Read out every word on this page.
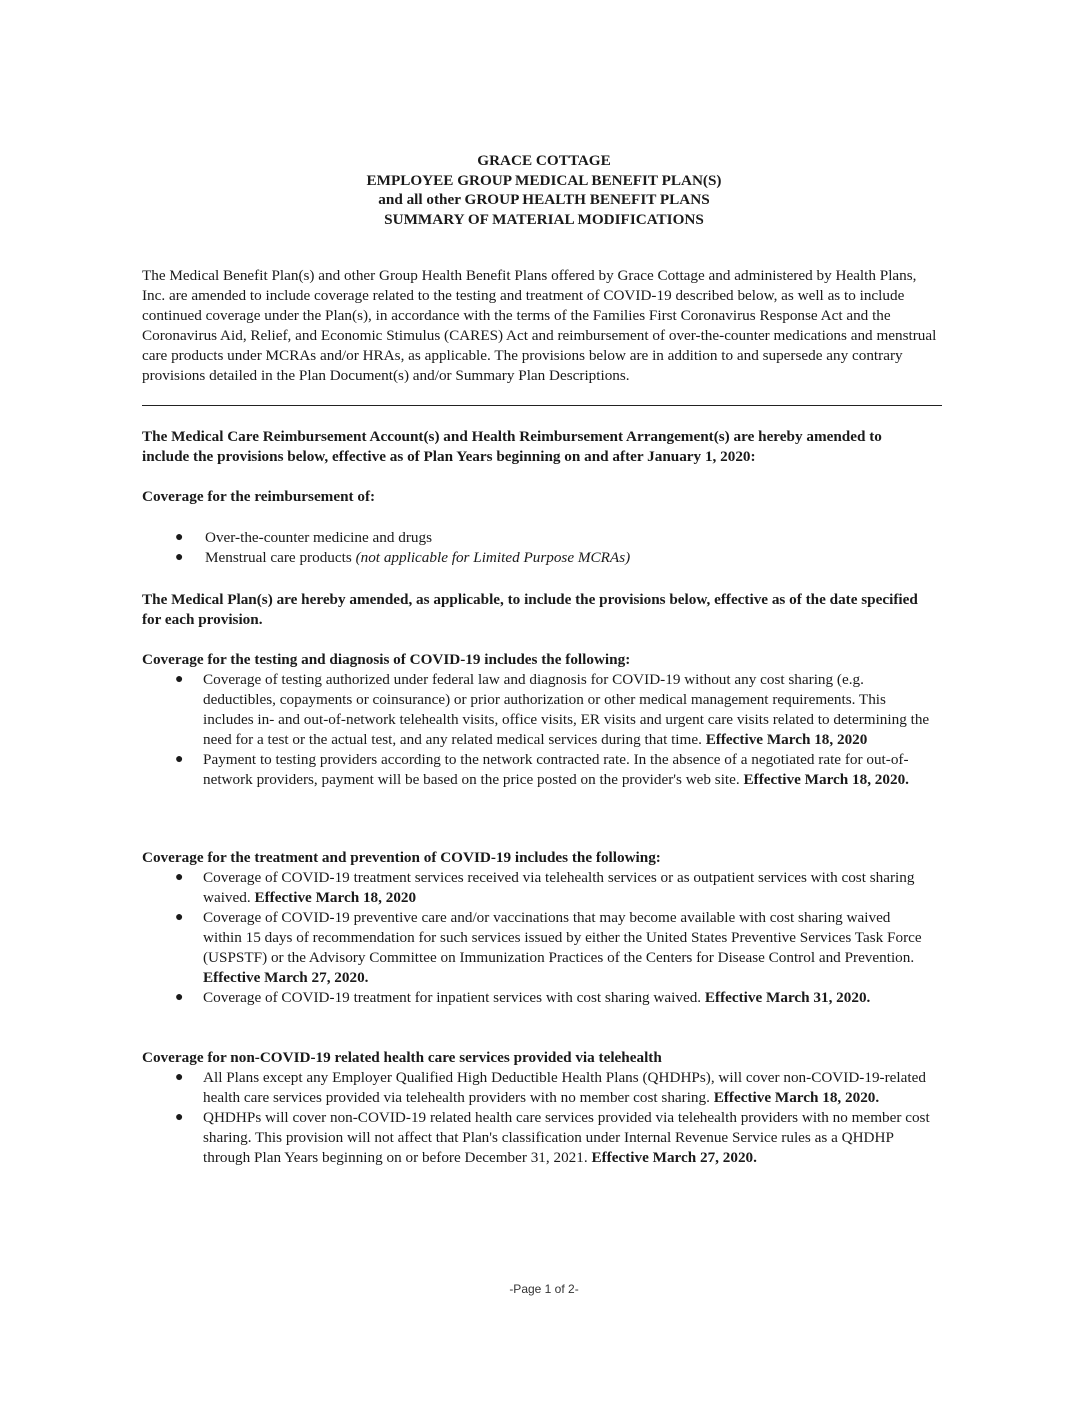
GRACE COTTAGE
EMPLOYEE GROUP MEDICAL BENEFIT PLAN(S)
and all other GROUP HEALTH BENEFIT PLANS
SUMMARY OF MATERIAL MODIFICATIONS

The Medical Benefit Plan(s) and other Group Health Benefit Plans offered by Grace Cottage and administered by Health Plans, Inc. are amended to include coverage related to the testing and treatment of COVID-19 described below, as well as to include continued coverage under the Plan(s), in accordance with the terms of the Families First Coronavirus Response Act and the Coronavirus Aid, Relief, and Economic Stimulus (CARES) Act and reimbursement of over-the-counter medications and menstrual care products under MCRAs and/or HRAs, as applicable. The provisions below are in addition to and supersede any contrary provisions detailed in the Plan Document(s) and/or Summary Plan Descriptions.

The Medical Care Reimbursement Account(s) and Health Reimbursement Arrangement(s) are hereby amended to include the provisions below, effective as of Plan Years beginning on and after January 1, 2020:

Coverage for the reimbursement of:

● Over-the-counter medicine and drugs
● Menstrual care products (not applicable for Limited Purpose MCRAs)

The Medical Plan(s) are hereby amended, as applicable, to include the provisions below, effective as of the date specified for each provision.

Coverage for the testing and diagnosis of COVID-19 includes the following:

● Coverage of testing authorized under federal law and diagnosis for COVID-19 without any cost sharing (e.g. deductibles, copayments or coinsurance) or prior authorization or other medical management requirements. This includes in- and out-of-network telehealth visits, office visits, ER visits and urgent care visits related to determining the need for a test or the actual test, and any related medical services during that time. Effective March 18, 2020
● Payment to testing providers according to the network contracted rate. In the absence of a negotiated rate for out-of-network providers, payment will be based on the price posted on the provider's web site. Effective March 18, 2020.

Coverage for the treatment and prevention of COVID-19 includes the following:

● Coverage of COVID-19 treatment services received via telehealth services or as outpatient services with cost sharing waived. Effective March 18, 2020
● Coverage of COVID-19 preventive care and/or vaccinations that may become available with cost sharing waived within 15 days of recommendation for such services issued by either the United States Preventive Services Task Force (USPSTF) or the Advisory Committee on Immunization Practices of the Centers for Disease Control and Prevention. Effective March 27, 2020.
● Coverage of COVID-19 treatment for inpatient services with cost sharing waived. Effective March 31, 2020.

Coverage for non-COVID-19 related health care services provided via telehealth

● All Plans except any Employer Qualified High Deductible Health Plans (QHDHPs), will cover non-COVID-19-related health care services provided via telehealth providers with no member cost sharing. Effective March 18, 2020.
● QHDHPs will cover non-COVID-19 related health care services provided via telehealth providers with no member cost sharing. This provision will not affect that Plan's classification under Internal Revenue Service rules as a QHDHP through Plan Years beginning on or before December 31, 2021. Effective March 27, 2020.
-Page 1 of 2-
